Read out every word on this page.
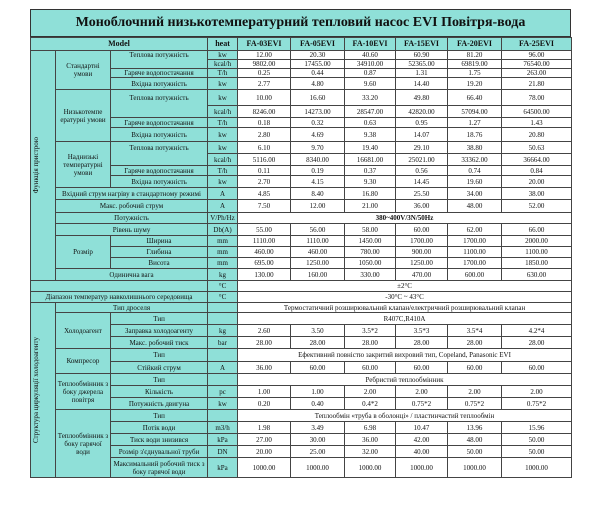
Моноблочний низькотемпературний тепловий насос EVI Повітря-вода
Model			heat	FA-03EVI	FA-05EVI	FA-10EVI	FA-15EVI	FA-20EVI	FA-25EVI

Функція пристрою	Стандартні умови	Теплова потужність	kw	12.00	20.30	40.60	60.90	81.20	96.00
			kcal/h	9802.00	17455.00	34910.00	52365.00	69819.00	76540.00
		Гаряче водопостачання	T/h	0.25	0.44	0.87	1.31	1.75	263.00
		Вхідна потужність	kw	2.77	4.80	9.60	14.40	19.20	21.80
	Низькотемпе ературні умови	Теплова потужність	kw	10.00	16.60	33.20	49.80	66.40	78.00
			kcal/h	8246.00	14273.00	28547.00	42820.00	57094.00	64500.00
		Гаряче водопостачання	T/h	0.18	0.32	0.63	0.95	1.27	1.43
		Вхідна потужність	kw	2.80	4.69	9.38	14.07	18.76	20.80
	Наднизькі температурні умови	Теплова потужність	kw	6.10	9.70	19.40	29.10	38.80	50.63
			kcal/h	5116.00	8340.00	16681.00	25021.00	33362.00	36664.00
		Гаряче водопостачання	T/h	0.11	0.19	0.37	0.56	0.74	0.84
		Вхідна потужність	kw	2.70	4.15	9.30	14.45	19.60	20.00
	Вхідний струм нагріву в стандартному режимі		A	4.85	8.40	16.80	25.50	34.00	38.00
	Макс. робочий струм		A	7.50	12.00	21.00	36.00	48.00	52.00
	Потужність		V/Ph/Hz	380~400V/3N/50Hz					
	Рівень шуму		Db(A)	55.00	56.00	58.00	60.00	62.00	66.00
	Розмір	Ширина	mm	1110.00	1110.00	1450.00	1700.00	1700.00	2000.00
		Глибина	mm	460.00	460.00	780.00	900.00	1100.00	1100.00
		Висота	mm	695.00	1250.00	1050.00	1250.00	1700.00	1850.00
	Одинична вага		kg	130.00	160.00	330.00	470.00	600.00	630.00
			°C	±2°C					
Діапазон температур навколишнього середовища			°C	-30°C ~ 43°C					

Структура циркуляції холодоагенту	Тип дроселя			Термостатичний розширювальний клапан/електричний розширювальний клапан					
	Холодоагент	Тип		R407C,R410A					
		Заправка холодоагенту	kg	2.60	3.50	3.5*2	3.5*3	3.5*4	4.2*4
		Макс. робочий тиск	bar	28.00	28.00	28.00	28.00	28.00	28.00
	Компресор	Тип		Ефективний повністю закритий вихровий тип, Copeland, Panasonic EVI					
		Стійкий струм	A	36.00	60.00	60.00	60.00	60.00	60.00
	Теплообмінник з боку джерела повітря	Тип		Ребристий теплообмінник					
		Кількість	pc	1.00	1.00	2.00	2.00	2.00	2.00
		Потужність двигуна	kw	0.20	0.40	0.4*2	0.75*2	0.75*2	0.75*2
	Теплообмінник з боку гарячої води	Тип		Теплообмін «труба в оболонці» / пластинчастий теплообмін					
		Потік води	m3/h	1.98	3.49	6.98	10.47	13.96	15.96
		Тиск води знизився	kPa	27.00	30.00	36.00	42.00	48.00	50.00
		Розмір з'єднувальної труби	DN	20.00	25.00	32.00	40.00	50.00	50.00
		Максимальний робочий тиск з боку гарячої води	kPa	1000.00	1000.00	1000.00	1000.00	1000.00	1000.00
